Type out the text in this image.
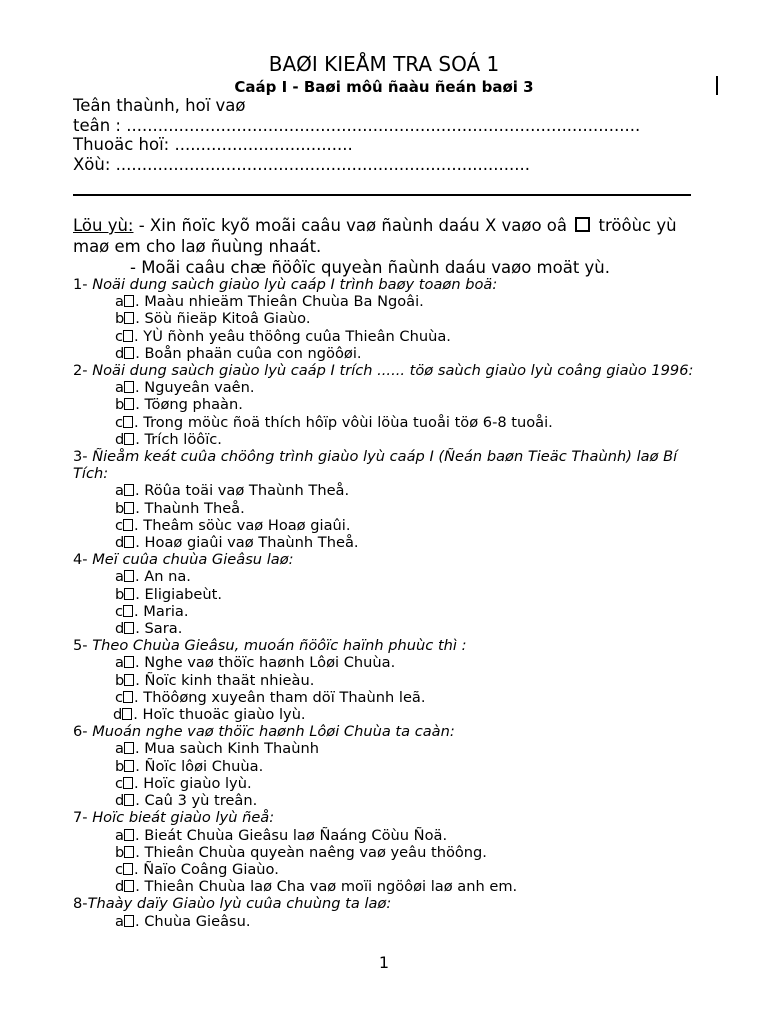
BAØI KIEÅM TRA SOÁ 1
Caáp I - Baøi môû ñaàu ñeán baøi 3
Teân thaùnh, hoï vaø
teân : ..................................................................................................
Thuoäc hoï: ..................................
Xöù: ...............................................................................
Löu yù: - Xin ñoïc kyõ moãi caâu vaø ñaùnh daáu X vaøo oâ  tröôùc yù
maø em cho laø ñuùng nhaát.
- Moãi caâu chæ ñöôïc quyeàn ñaùnh daáu vaøo moät yù.
1- Noäi dung saùch giaùo lyù caáp I trình baøy toaøn boä:
a . Maàu nhieäm Thieân Chuùa Ba Ngoâi.
b . Söù ñieäp Kitoâ Giaùo.
c . YÙ ñònh yeâu thöông cuûa Thieân Chuùa.
d . Boån phaän cuûa con ngöôøi.
2- Noäi dung saùch giaùo lyù caáp I trích ...... töø saùch giaùo lyù coâng giaùo 1996:
a . Nguyeân vaên.
b . Töøng phaàn.
c . Trong möùc ñoä thích hôïp vôùi löùa tuoåi töø 6-8 tuoåi.
d . Trích löôïc.
3- Ñieåm keát cuûa chöông trình giaùo lyù caáp I (Ñeán baøn Tieäc Thaùnh) laø Bí Tích:
a . Röûa toäi vaø Thaùnh Theå.
b . Thaùnh Theå.
c . Theâm söùc vaø Hoaø giaûi.
d . Hoaø giaûi vaø Thaùnh Theå.
4- Meï cuûa chuùa Gieâsu laø:
a . An na.
b . Eligiabeùt.
c . Maria.
d . Sara.
5- Theo Chuùa Gieâsu, muoán ñöôïc haïnh phuùc thì :
a . Nghe vaø thöïc haønh Lôøi Chuùa.
b . Ñoïc kinh thaät nhieàu.
c . Thöôøng xuyeân tham döï Thaùnh leã.
d . Hoïc thuoäc giaùo lyù.
6- Muoán nghe vaø thöïc haønh Lôøi Chuùa ta caàn:
a . Mua saùch Kinh Thaùnh
b . Ñoïc lôøi Chuùa.
c . Hoïc giaùo lyù.
d . Caû 3 yù treân.
7- Hoïc bieát giaùo lyù ñeå:
a . Bieát Chuùa Gieâsu laø Ñaáng Cöùu Ñoä.
b . Thieân Chuùa quyeàn naêng vaø yeâu thöông.
c . Ñaïo Coâng Giaùo.
d . Thieân Chuùa laø Cha vaø moïi ngöôøi laø anh em.
8-Thaày daïy Giaùo lyù cuûa chuùng ta laø:
a . Chuùa Gieâsu.
1
